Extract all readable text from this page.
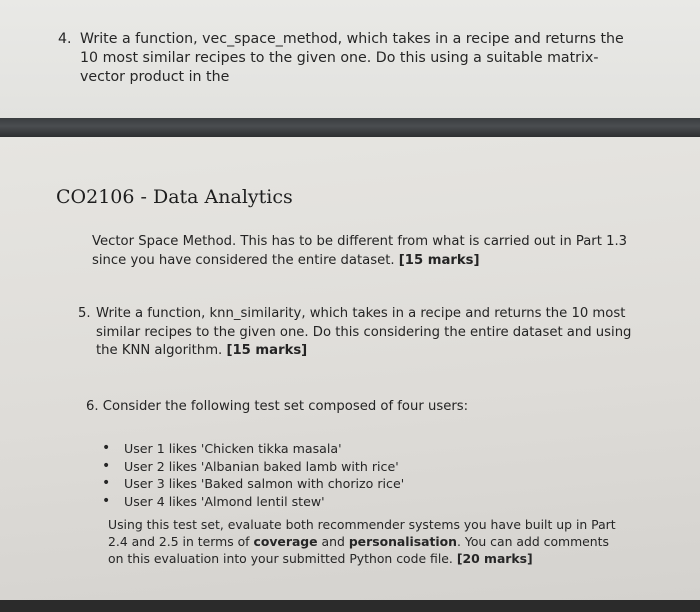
4. Write a function, vec_space_method, which takes in a recipe and returns the 10 most similar recipes to the given one. Do this using a suitable matrix-vector product in the
CO2106 - Data Analytics
Vector Space Method. This has to be different from what is carried out in Part 1.3 since you have considered the entire dataset. [15 marks]
5. Write a function, knn_similarity, which takes in a recipe and returns the 10 most similar recipes to the given one. Do this considering the entire dataset and using the KNN algorithm. [15 marks]
6. Consider the following test set composed of four users:
• User 1 likes 'Chicken tikka masala'
• User 2 likes 'Albanian baked lamb with rice'
• User 3 likes 'Baked salmon with chorizo rice'
• User 4 likes 'Almond lentil stew'
Using this test set, evaluate both recommender systems you have built up in Part 2.4 and 2.5 in terms of coverage and personalisation. You can add comments on this evaluation into your submitted Python code file. [20 marks]
